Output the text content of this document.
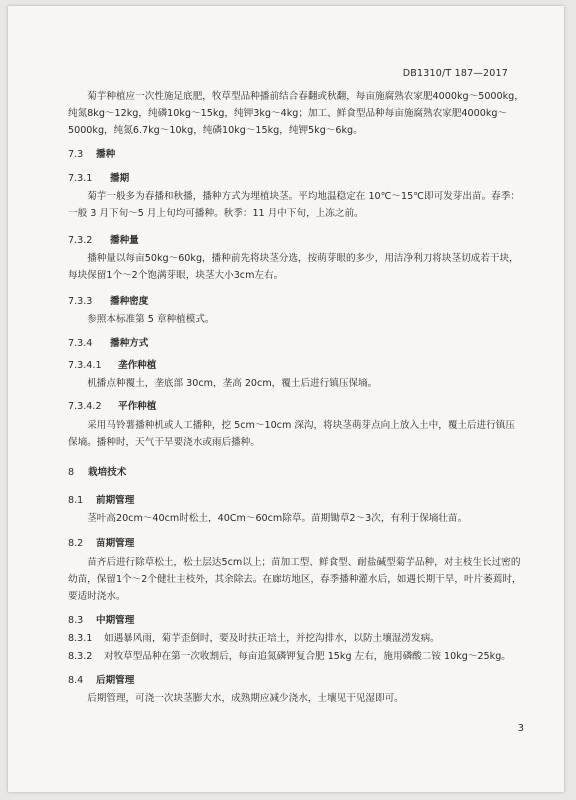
DB1310/T 187—2017
菊芋种植应一次性施足底肥，牧草型品种播前结合春翻或秋翻，每亩施腐熟农家肥4000kg～5000kg，纯氮8kg～12kg，纯磷10kg～15kg，纯钾3kg～4kg；加工、鲜食型品种每亩施腐熟农家肥4000kg～5000kg，纯氮6.7kg～10kg，纯磷10kg～15kg，纯钾5kg～6kg。
7.3 播种
7.3.1 播期
菊芋一般多为春播和秋播，播种方式为埋植块茎。平均地温稳定在 10℃～15℃即可发芽出苗。春季：一般 3 月下旬～5 月上旬均可播种。秋季：11 月中下旬，上冻之前。
7.3.2 播种量
播种量以每亩50kg～60kg，播种前先将块茎分选，按萌芽眼的多少，用洁净利刀将块茎切成若干块，每块保留1个～2个饱满芽眼，块茎大小3cm左右。
7.3.3 播种密度
参照本标准第 5 章种植模式。
7.3.4 播种方式
7.3.4.1 垄作种植
机播点种覆土，垄底部 30cm，垄高 20cm，覆土后进行镇压保墒。
7.3.4.2 平作种植
采用马铃薯播种机或人工播种，挖 5cm～10cm 深沟，将块茎萌芽点向上放入土中，覆土后进行镇压保墒。播种时，天气干旱要浇水或雨后播种。
8 栽培技术
8.1 前期管理
茎叶高20cm～40cm时松土，40Cm～60cm除草。苗期锄草2～3次，有利于保墒壮苗。
8.2 苗期管理
苗齐后进行除草松土，松土层达5cm以上；苗加工型、鲜食型、耐盐碱型菊芋品种，对主枝生长过密的幼苗，保留1个～2个健壮主枝外，其余除去。在廊坊地区，春季播种灌水后，如遇长期干旱，叶片萎蔫时，要适时浇水。
8.3 中期管理
8.3.1 如遇暴风雨，菊芋歪倒时，要及时扶正培土，并挖沟排水，以防土壤湿涝发病。
8.3.2 对牧草型品种在第一次收割后，每亩追氮磷钾复合肥 15kg 左右，施用磷酸二铵 10kg～25kg。
8.4 后期管理
后期管理，可浇一次块茎膨大水，成熟期应减少浇水，土壤见干见湿即可。
3
